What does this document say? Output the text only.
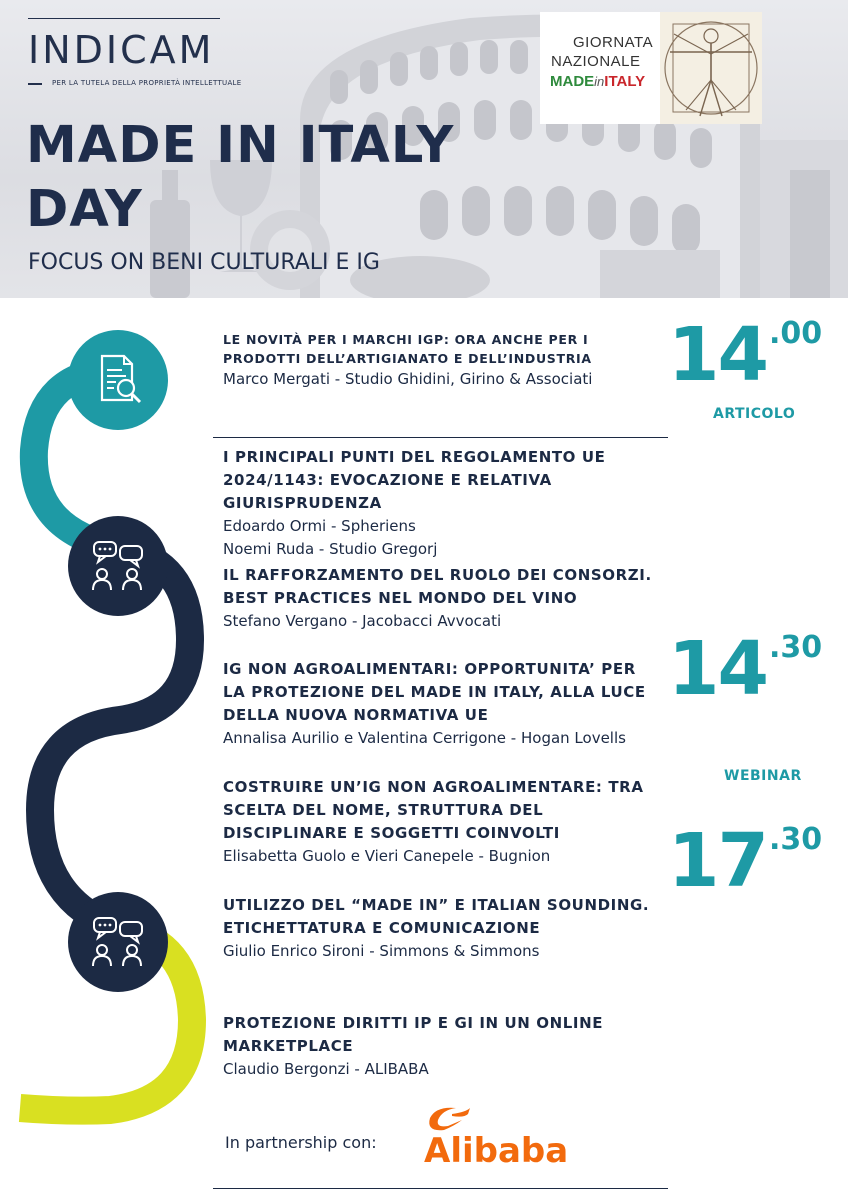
INDICAM
PER LA TUTELA DELLA PROPRIETÀ INTELLETTUALE
MADE IN ITALY
DAY
FOCUS ON BENI CULTURALI E IG
GIORNATA
NAZIONALE
MADEinITALY
LE NOVITÀ PER I MARCHI IGP: ORA ANCHE PER I PRODOTTI DELL’ARTIGIANATO E DELL’INDUSTRIA
Marco Mergati - Studio Ghidini, Girino & Associati
I PRINCIPALI PUNTI DEL REGOLAMENTO UE 2024/1143: EVOCAZIONE E RELATIVA GIURISPRUDENZA
Edoardo Ormi - Spheriens
Noemi Ruda - Studio Gregorj
IL RAFFORZAMENTO DEL RUOLO DEI CONSORZI. BEST PRACTICES NEL MONDO DEL VINO
Stefano Vergano - Jacobacci Avvocati
IG NON AGROALIMENTARI: OPPORTUNITA’ PER LA PROTEZIONE DEL MADE IN ITALY, ALLA LUCE DELLA NUOVA NORMATIVA UE
Annalisa Aurilio e Valentina Cerrigone - Hogan Lovells
COSTRUIRE UN’IG NON AGROALIMENTARE: TRA SCELTA DEL NOME, STRUTTURA DEL DISCIPLINARE E SOGGETTI COINVOLTI
Elisabetta Guolo e Vieri Canepele - Bugnion
UTILIZZO DEL “MADE IN” E ITALIAN SOUNDING. ETICHETTATURA E COMUNICAZIONE
Giulio Enrico Sironi - Simmons & Simmons
PROTEZIONE DIRITTI IP E GI IN UN ONLINE MARKETPLACE
Claudio Bergonzi - ALIBABA
14.00
ARTICOLO
14.30
WEBINAR
17.30
In partnership con: Alibaba
